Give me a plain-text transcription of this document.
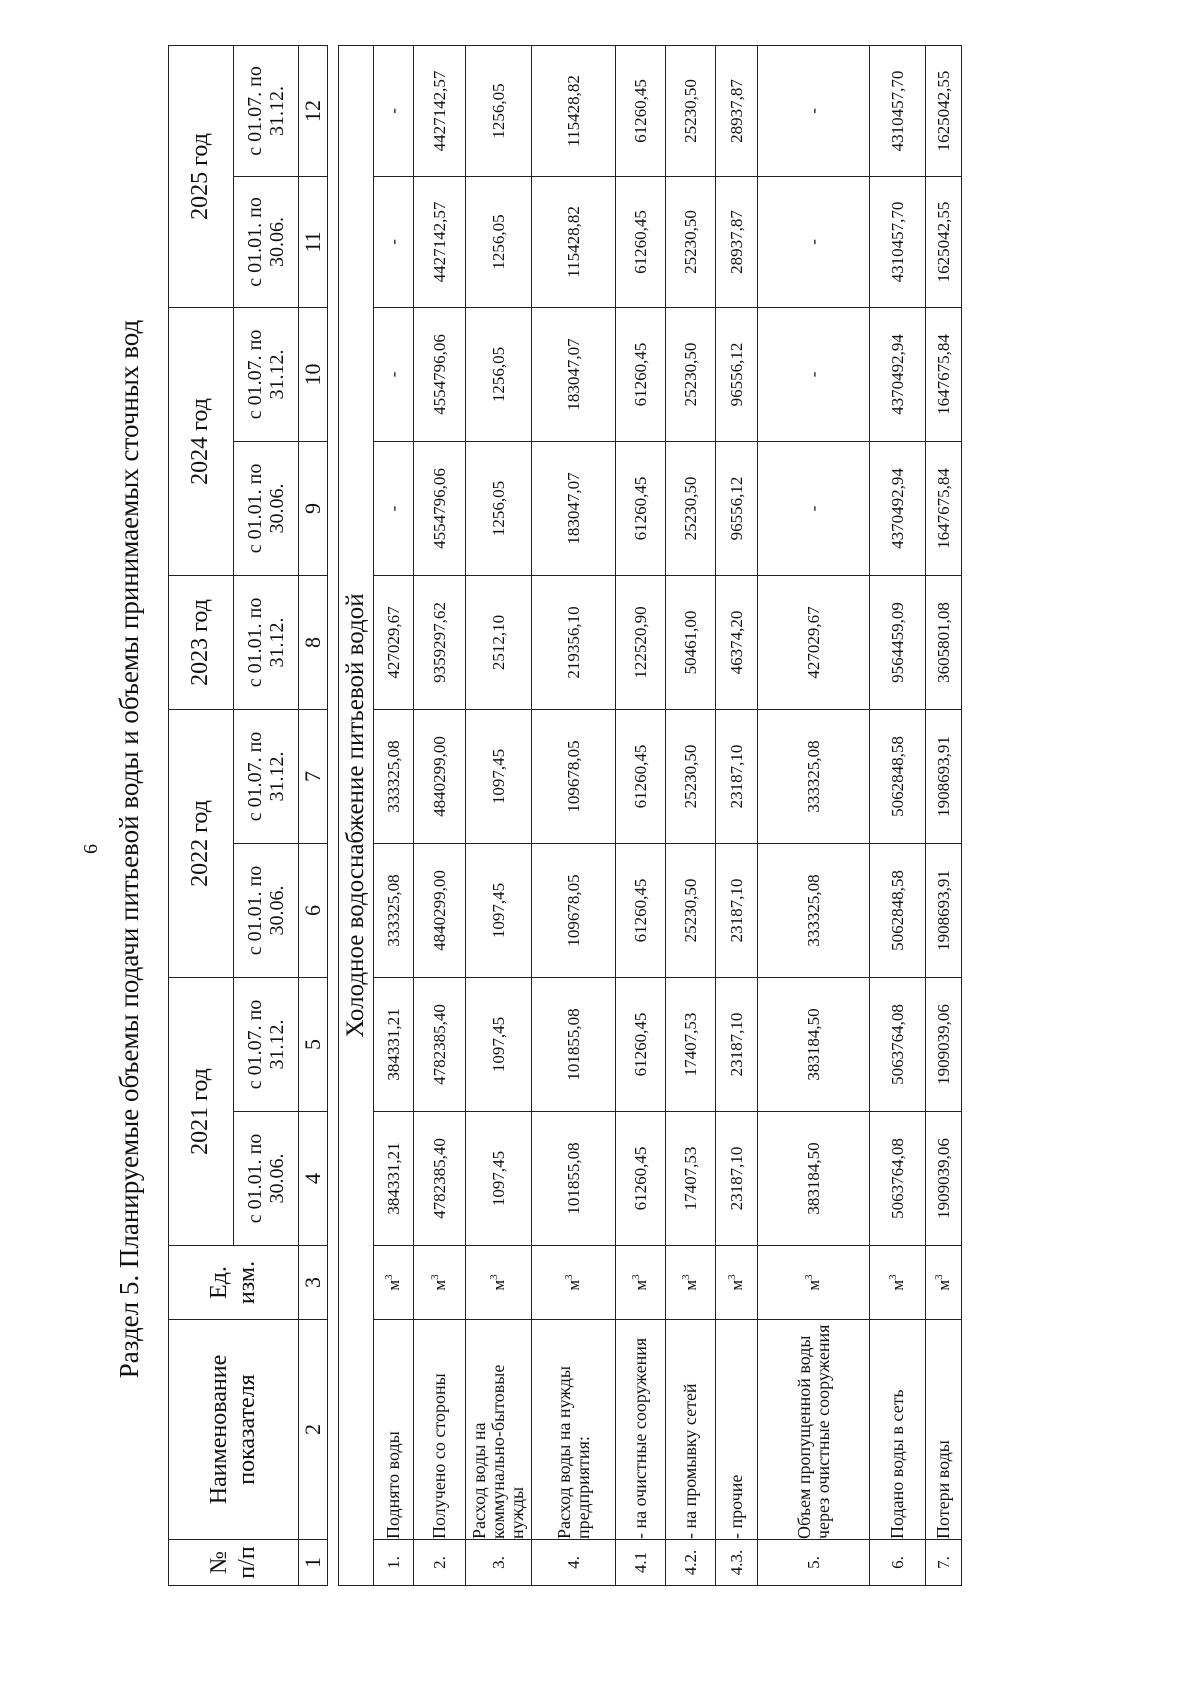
6 Раздел 5. Планируемые объемы подачи питьевой воды и объемы принимаемых сточных вод
№ п/п	Наименование показателя	Ед. изм.	2021 год		2022 год		2023 год	2024 год		2025 год	
			с 01.01. по 30.06.	с 01.07. по 31.12.	с 01.01. по 30.06.	с 01.07. по 31.12.	с 01.01. по 31.12.	с 01.01. по 30.06.	с 01.07. по 31.12.	с 01.01. по 30.06.	с 01.07. по 31.12.
1	2	3	4	5	6	7	8	9	10	11	12

Холодное водоснабжение питьевой водой											
1.	Поднято воды	$м^3$	384331,21	384331,21	333325,08	333325,08	427029,67	-	-	-	-
2.	Получено со стороны	$м^3$	4782385,40	4782385,40	4840299,00	4840299,00	9359297,62	4554796,06	4554796,06	4427142,57	4427142,57
3.	Расход воды на коммунально-бытовые нужды	$м^3$	1097,45	1097,45	1097,45	1097,45	2512,10	1256,05	1256,05	1256,05	1256,05
4.	Расход воды на нужды предприятия:	$м^3$	101855,08	101855,08	109678,05	109678,05	219356,10	183047,07	183047,07	115428,82	115428,82
4.1	- на очистные сооружения	$м^3$	61260,45	61260,45	61260,45	61260,45	122520,90	61260,45	61260,45	61260,45	61260,45
4.2.	- на промывку сетей	$м^3$	17407,53	17407,53	25230,50	25230,50	50461,00	25230,50	25230,50	25230,50	25230,50
4.3.	- прочие	$м^3$	23187,10	23187,10	23187,10	23187,10	46374,20	96556,12	96556,12	28937,87	28937,87
5.	Объем пропущенной воды через очистные сооружения	$м^3$	383184,50	383184,50	333325,08	333325,08	427029,67	-	-	-	-
6.	Подано воды в сеть	$м^3$	5063764,08	5063764,08	5062848,58	5062848,58	9564459,09	4370492,94	4370492,94	4310457,70	4310457,70
7.	Потери воды	$м^3$	1909039,06	1909039,06	1908693,91	1908693,91	3605801,08	1647675,84	1647675,84	1625042,55	1625042,55
